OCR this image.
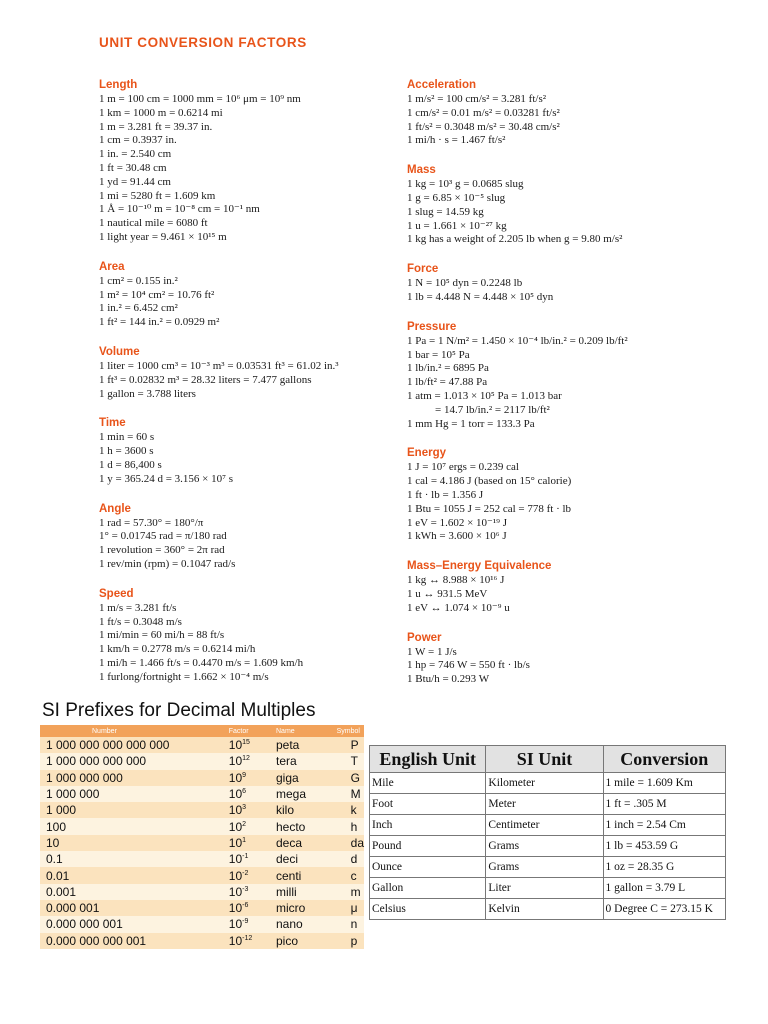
UNIT CONVERSION FACTORS
Length
1 m = 100 cm = 1000 mm = 10⁶ μm = 10⁹ nm
1 km = 1000 m = 0.6214 mi
1 m = 3.281 ft = 39.37 in.
1 cm = 0.3937 in.
1 in. = 2.540 cm
1 ft = 30.48 cm
1 yd = 91.44 cm
1 mi = 5280 ft = 1.609 km
1 Å = 10⁻¹⁰ m = 10⁻⁸ cm = 10⁻¹ nm
1 nautical mile = 6080 ft
1 light year = 9.461 × 10¹⁵ m
Area
1 cm² = 0.155 in.²
1 m² = 10⁴ cm² = 10.76 ft²
1 in.² = 6.452 cm²
1 ft² = 144 in.² = 0.0929 m²
Volume
1 liter = 1000 cm³ = 10⁻³ m³ = 0.03531 ft³ = 61.02 in.³
1 ft³ = 0.02832 m³ = 28.32 liters = 7.477 gallons
1 gallon = 3.788 liters
Time
1 min = 60 s
1 h = 3600 s
1 d = 86,400 s
1 y = 365.24 d = 3.156 × 10⁷ s
Angle
1 rad = 57.30° = 180°/π
1° = 0.01745 rad = π/180 rad
1 revolution = 360° = 2π rad
1 rev/min (rpm) = 0.1047 rad/s
Speed
1 m/s = 3.281 ft/s
1 ft/s = 0.3048 m/s
1 mi/min = 60 mi/h = 88 ft/s
1 km/h = 0.2778 m/s = 0.6214 mi/h
1 mi/h = 1.466 ft/s = 0.4470 m/s = 1.609 km/h
1 furlong/fortnight = 1.662 × 10⁻⁴ m/s
Acceleration
1 m/s² = 100 cm/s² = 3.281 ft/s²
1 cm/s² = 0.01 m/s² = 0.03281 ft/s²
1 ft/s² = 0.3048 m/s² = 30.48 cm/s²
1 mi/h · s = 1.467 ft/s²
Mass
1 kg = 10³ g = 0.0685 slug
1 g = 6.85 × 10⁻⁵ slug
1 slug = 14.59 kg
1 u = 1.661 × 10⁻²⁷ kg
1 kg has a weight of 2.205 lb when g = 9.80 m/s²
Force
1 N = 10⁵ dyn = 0.2248 lb
1 lb = 4.448 N = 4.448 × 10⁵ dyn
Pressure
1 Pa = 1 N/m² = 1.450 × 10⁻⁴ lb/in.² = 0.209 lb/ft²
1 bar = 10⁵ Pa
1 lb/in.² = 6895 Pa
1 lb/ft² = 47.88 Pa
1 atm = 1.013 × 10⁵ Pa = 1.013 bar
= 14.7 lb/in.² = 2117 lb/ft²
1 mm Hg = 1 torr = 133.3 Pa
Energy
1 J = 10⁷ ergs = 0.239 cal
1 cal = 4.186 J (based on 15° calorie)
1 ft · lb = 1.356 J
1 Btu = 1055 J = 252 cal = 778 ft · lb
1 eV = 1.602 × 10⁻¹⁹ J
1 kWh = 3.600 × 10⁶ J
Mass–Energy Equivalence
1 kg ↔ 8.988 × 10¹⁶ J
1 u ↔ 931.5 MeV
1 eV ↔ 1.074 × 10⁻⁹ u
Power
1 W = 1 J/s
1 hp = 746 W = 550 ft · lb/s
1 Btu/h = 0.293 W
SI Prefixes for Decimal Multiples
Number	Factor	Name	Symbol
1 000 000 000 000 000	$10^{15}$	peta	P
1 000 000 000 000	$10^{12}$	tera	T
1 000 000 000	$10^9$	giga	G
1 000 000	$10^6$	mega	M
1 000	$10^3$	kilo	k
100	$10^2$	hecto	h
10	$10^1$	deca	da
0.1	$10^{-1}$	deci	d
0.01	$10^{-2}$	centi	c
0.001	$10^{-3}$	milli	m
0.000 001	$10^{-6}$	micro	μ
0.000 000 001	$10^{-9}$	nano	n
0.000 000 000 001	$10^{-12}$	pico	p
English Unit	SI Unit	Conversion
Mile	Kilometer	1 mile = 1.609 Km
Foot	Meter	1 ft = .305 M
Inch	Centimeter	1 inch = 2.54 Cm
Pound	Grams	1 lb = 453.59 G
Ounce	Grams	1 oz = 28.35 G
Gallon	Liter	1 gallon = 3.79 L
Celsius	Kelvin	0 Degree C = 273.15 K
